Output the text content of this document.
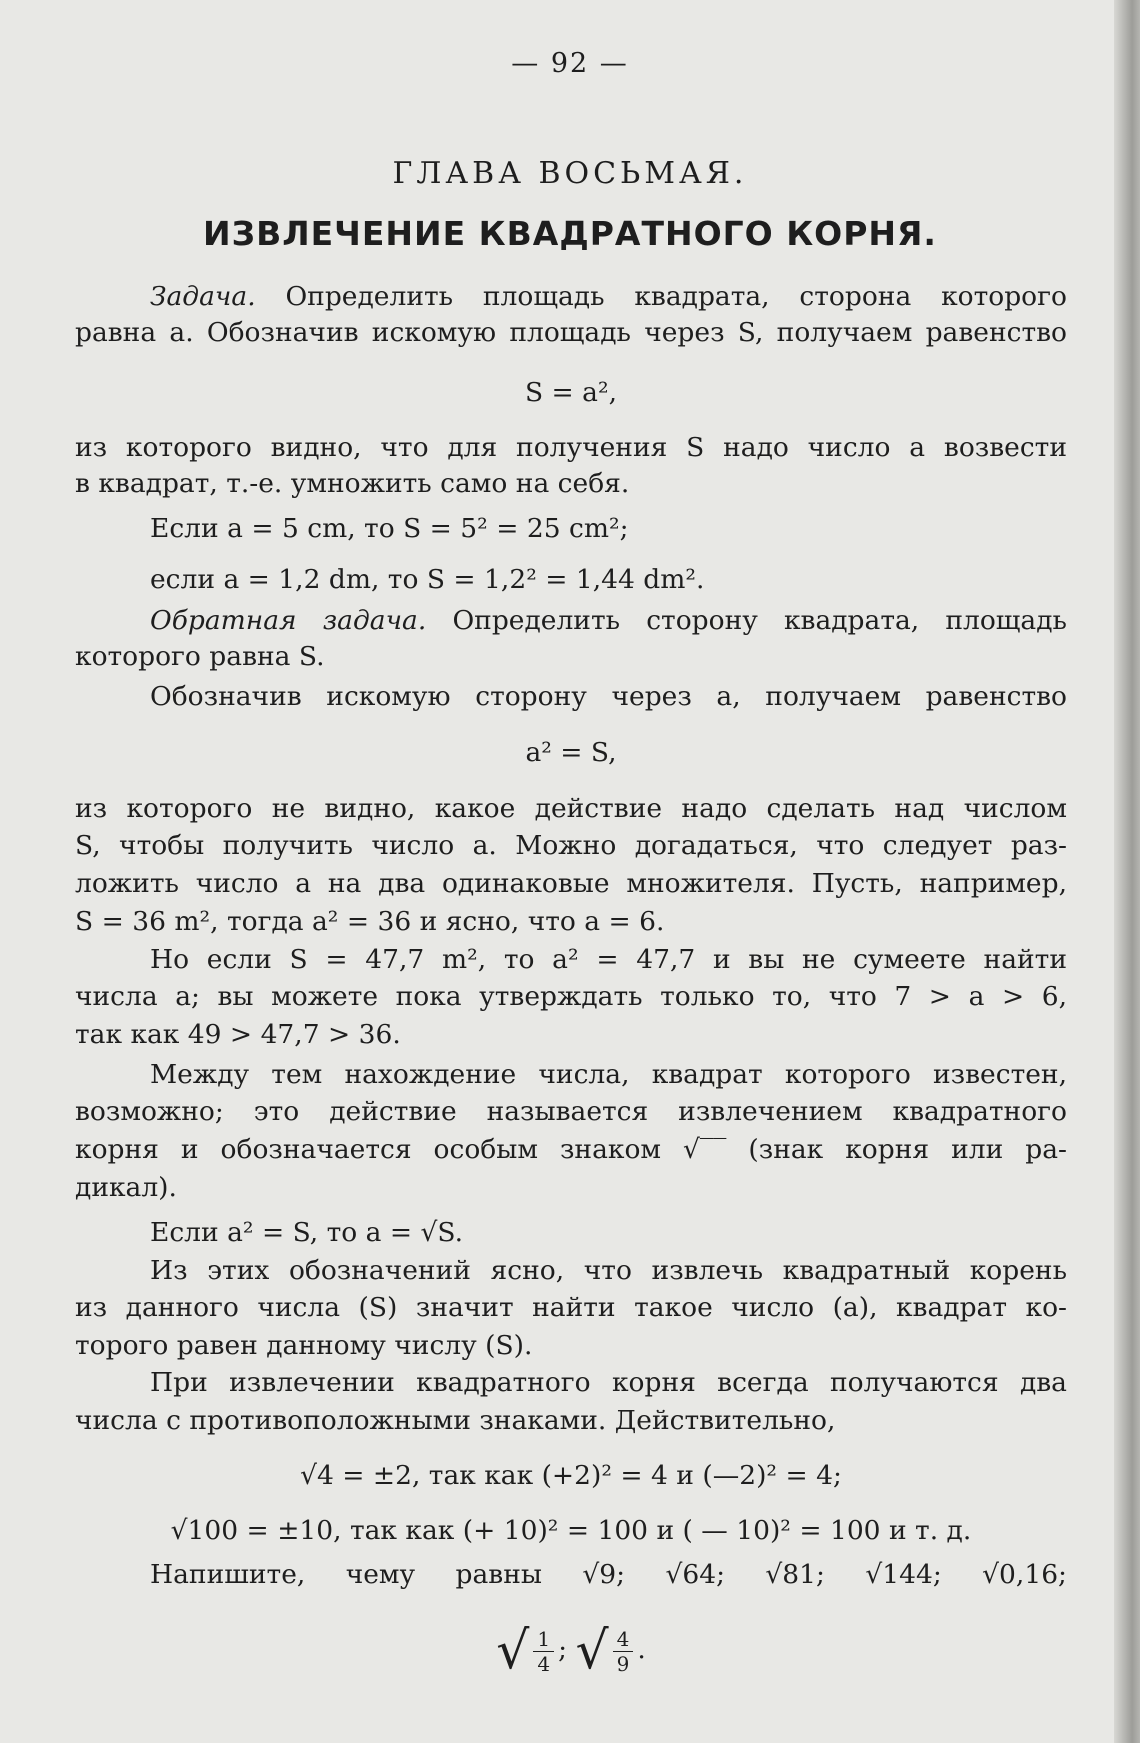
— 92 —
ГЛАВА ВОСЬМАЯ.
ИЗВЛЕЧЕНИЕ КВАДРАТНОГО КОРНЯ.
Задача. Определить площадь квадрата, сторона которого
равна a. Обозначив искомую площадь через S, получаем равенство
S = a²,
из которого видно, что для получения S надо число a возвести
в квадрат, т.-е. умножить само на себя.
Если a = 5 cm, то S = 5² = 25 cm²;
если a = 1,2 dm, то S = 1,2² = 1,44 dm².
Обратная задача. Определить сторону квадрата, площадь
которого равна S.
Обозначив искомую сторону через a, получаем равенство
a² = S,
из которого не видно, какое действие надо сделать над числом
S, чтобы получить число a. Можно догадаться, что следует раз-
ложить число a на два одинаковые множителя. Пусть, например,
S = 36 m², тогда a² = 36 и ясно, что a = 6.
Но если S = 47,7 m², то a² = 47,7 и вы не сумеете найти
числа a; вы можете пока утверждать только то, что 7 > a > 6,
так как 49 > 47,7 > 36.
Между тем нахождение числа, квадрат которого известен,
возможно; это действие называется извлечением квадратного
корня и обозначается особым знаком √‾‾ (знак корня или ра-
дикал).
Если a² = S, то a = √S.
Из этих обозначений ясно, что извлечь квадратный корень
из данного числа (S) значит найти такое число (a), квадрат ко-
торого равен данному числу (S).
При извлечении квадратного корня всегда получаются два
числа с противоположными знаками. Действительно,
√4 = ±2, так как (+2)² = 4 и (—2)² = 4;
√100 = ±10, так как (+ 10)² = 100 и ( — 10)² = 100 и т. д.
Напишите, чему равны √9; √64; √81; √144; √0,16;
√ $\frac{1}{4}$ ; √ $\frac{4}{9}$ .
